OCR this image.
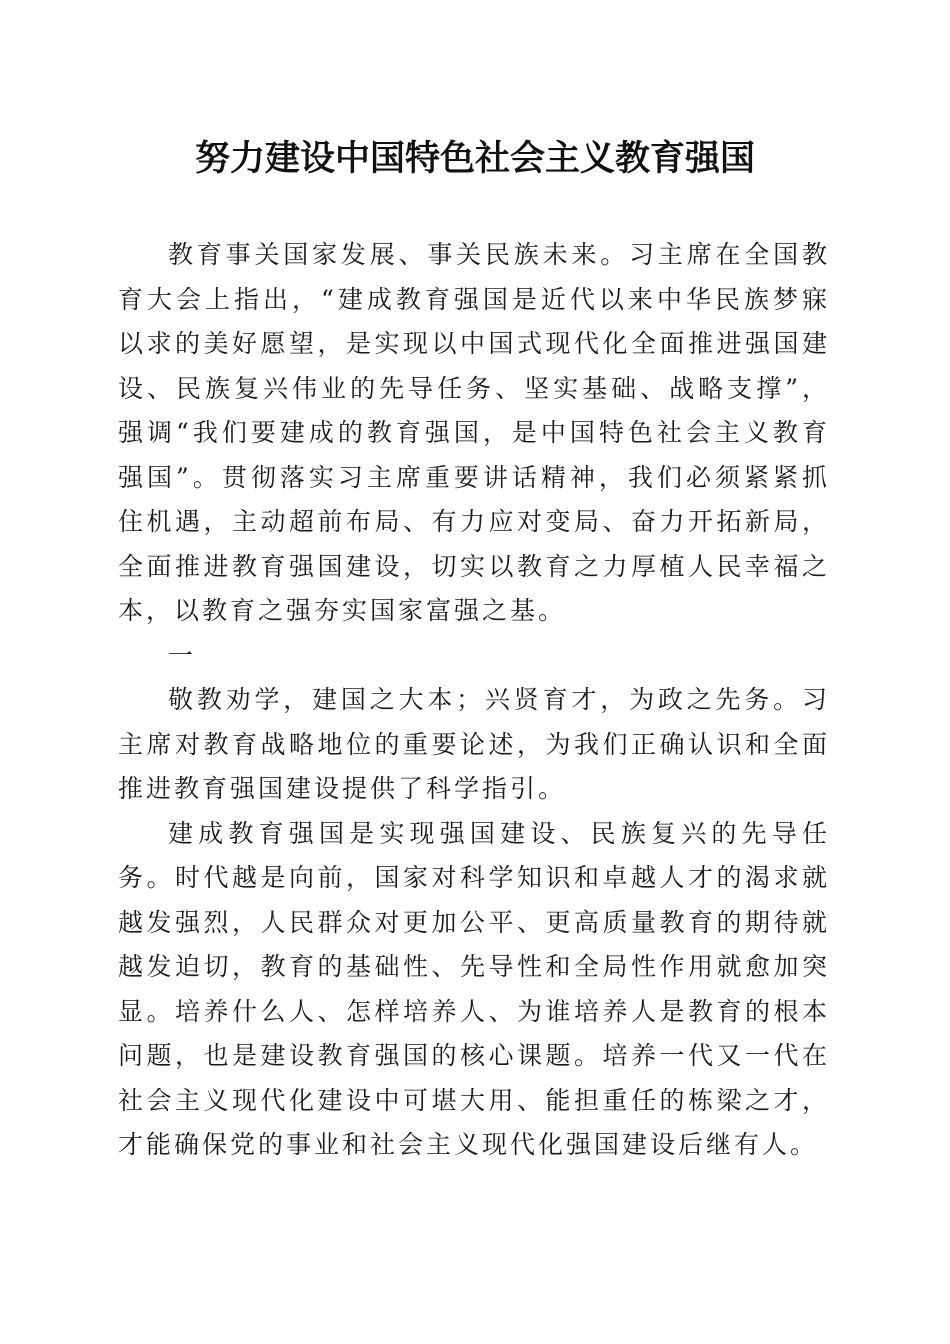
努力建设中国特色社会主义教育强国

教育事关国家发展、事关民族未来。习主席在全国教育大会上指出，“建成教育强国是近代以来中华民族梦寐以求的美好愿望，是实现以中国式现代化全面推进强国建设、民族复兴伟业的先导任务、坚实基础、战略支撑”，强调“我们要建成的教育强国，是中国特色社会主义教育强国”。贯彻落实习主席重要讲话精神，我们必须紧紧抓住机遇，主动超前布局、有力应对变局、奋力开拓新局，全面推进教育强国建设，切实以教育之力厚植人民幸福之本，以教育之强夯实国家富强之基。

一

敬教劝学，建国之大本；兴贤育才，为政之先务。习主席对教育战略地位的重要论述，为我们正确认识和全面推进教育强国建设提供了科学指引。

建成教育强国是实现强国建设、民族复兴的先导任务。时代越是向前，国家对科学知识和卓越人才的渴求就越发强烈，人民群众对更加公平、更高质量教育的期待就越发迫切，教育的基础性、先导性和全局性作用就愈加突显。培养什么人、怎样培养人、为谁培养人是教育的根本问题，也是建设教育强国的核心课题。培养一代又一代在社会主义现代化建设中可堪大用、能担重任的栋梁之才，才能确保党的事业和社会主义现代化强国建设后继有人。
